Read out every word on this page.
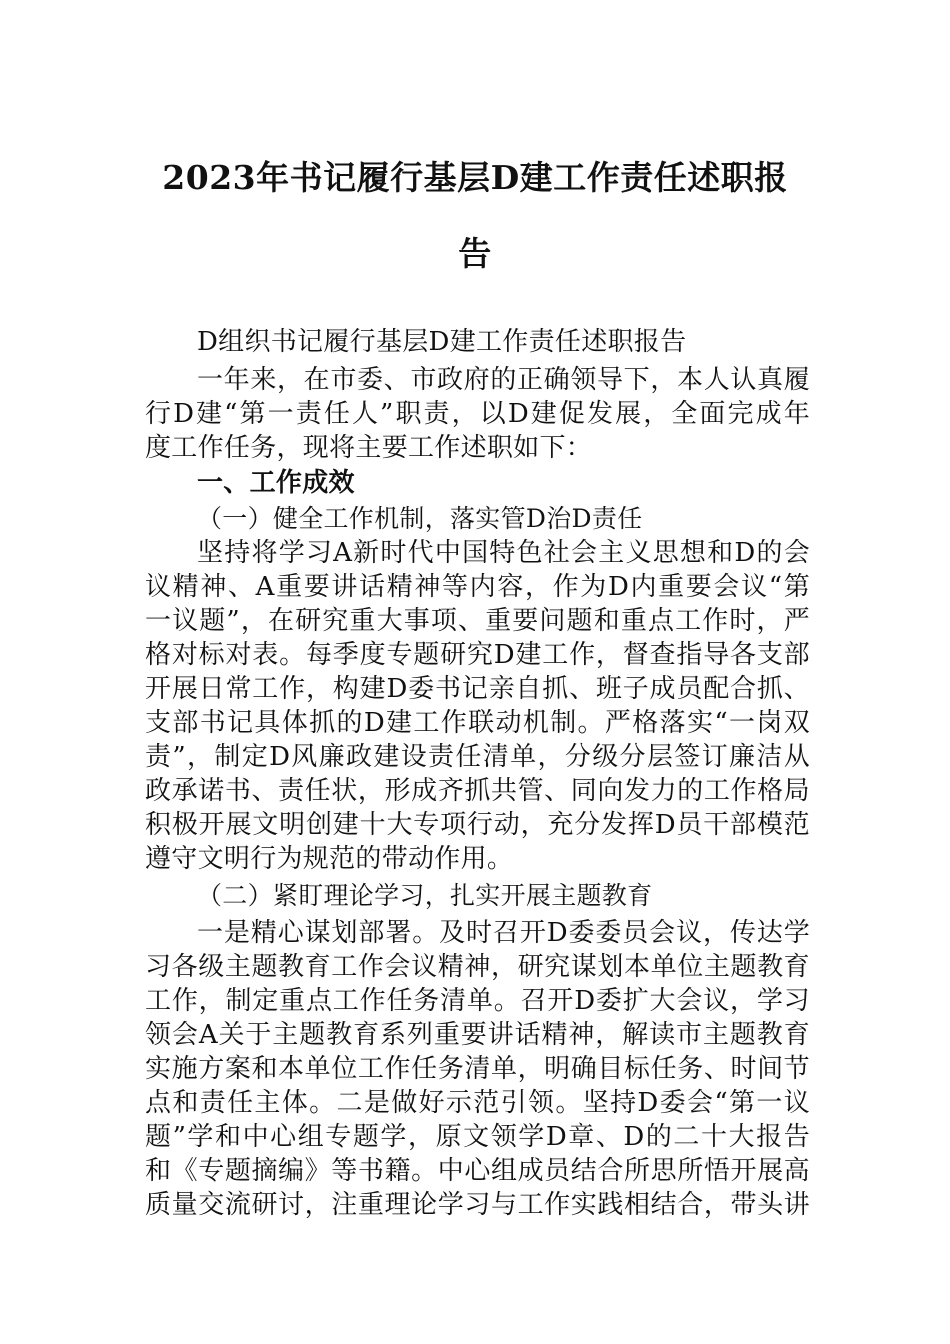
2023年书记履行基层D建工作责任述职报
告
D组织书记履行基层D建工作责任述职报告
一年来，在市委、市政府的正确领导下，本人认真履
行D建“第一责任人”职责，以D建促发展，全面完成年
度工作任务，现将主要工作述职如下：
一、工作成效
（一）健全工作机制，落实管D治D责任
坚持将学习A新时代中国特色社会主义思想和D的会
议精神、A重要讲话精神等内容，作为D内重要会议“第
一议题”，在研究重大事项、重要问题和重点工作时，严
格对标对表。每季度专题研究D建工作，督查指导各支部
开展日常工作，构建D委书记亲自抓、班子成员配合抓、
支部书记具体抓的D建工作联动机制。严格落实“一岗双
责”，制定D风廉政建设责任清单，分级分层签订廉洁从
政承诺书、责任状，形成齐抓共管、同向发力的工作格局
积极开展文明创建十大专项行动，充分发挥D员干部模范
遵守文明行为规范的带动作用。
（二）紧盯理论学习，扎实开展主题教育
一是精心谋划部署。及时召开D委委员会议，传达学
习各级主题教育工作会议精神，研究谋划本单位主题教育
工作，制定重点工作任务清单。召开D委扩大会议，学习
领会A关于主题教育系列重要讲话精神，解读市主题教育
实施方案和本单位工作任务清单，明确目标任务、时间节
点和责任主体。二是做好示范引领。坚持D委会“第一议
题”学和中心组专题学，原文领学D章、D的二十大报告
和《专题摘编》等书籍。中心组成员结合所思所悟开展高
质量交流研讨，注重理论学习与工作实践相结合，带头讲
